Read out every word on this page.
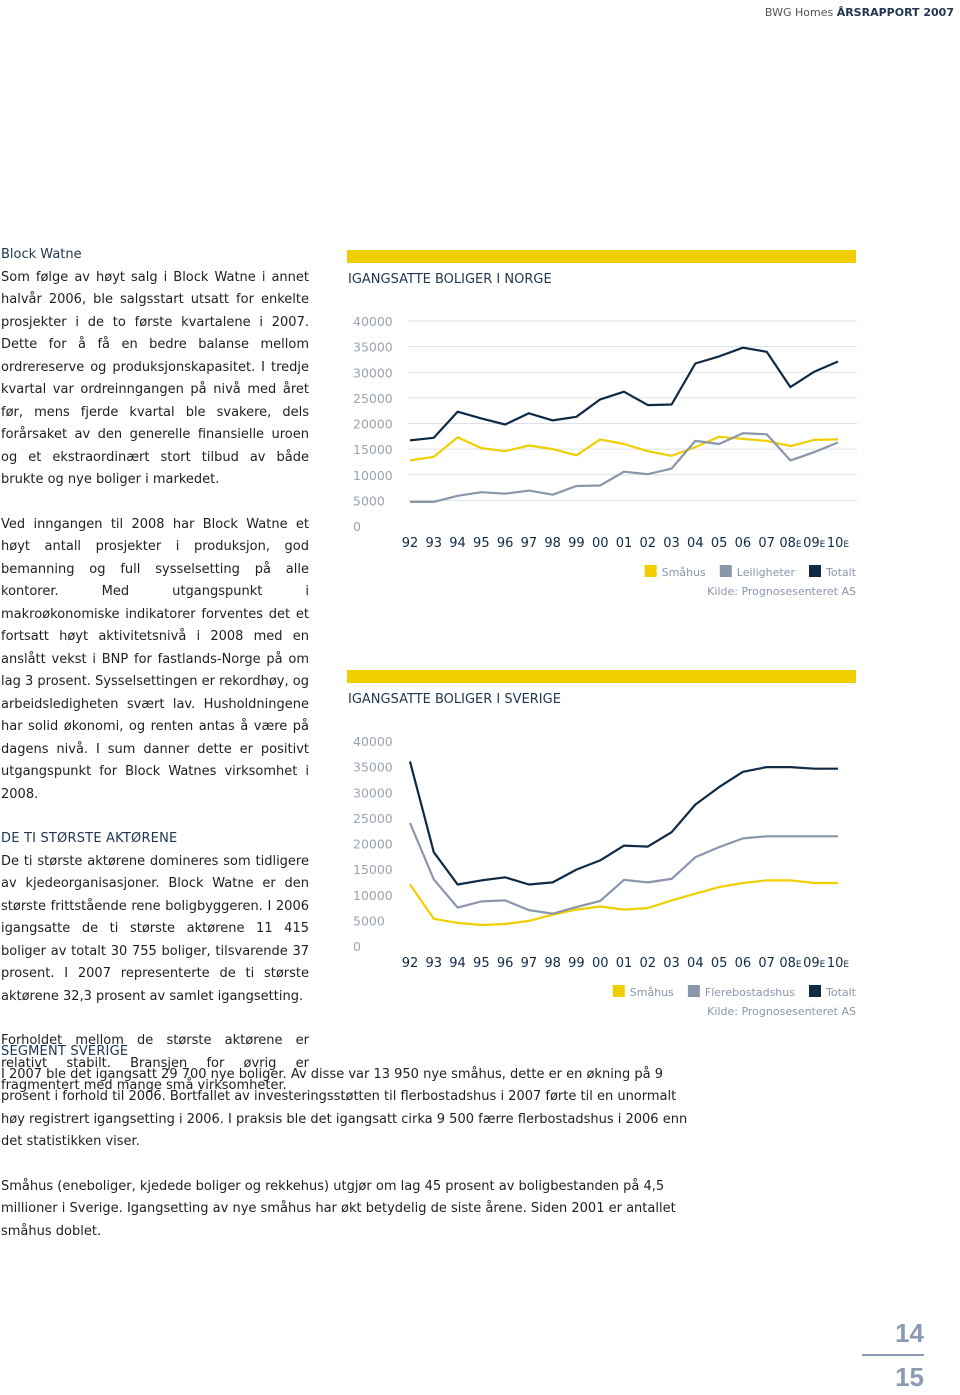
BWG Homes ÅRSRAPPORT 2007

Block Watne
Som følge av høyt salg i Block Watne i annet halvår 2006, ble salgsstart utsatt for enkelte prosjekter i de to første kvartalene i 2007. Dette for å få en bedre balanse mellom ordrereserve og produksjonskapasitet. I tredje kvartal var ordreinngangen på nivå med året før, mens fjerde kvartal ble svakere, dels forårsaket av den generelle finansielle uroen og et ekstraordinært stort tilbud av både brukte og nye boliger i markedet.

Ved inngangen til 2008 har Block Watne et høyt antall prosjekter i produksjon, god bemanning og full sysselsetting på alle kontorer. Med utgangspunkt i makroøkonomiske indikatorer forventes det et fortsatt høyt aktivitetsnivå i 2008 med en anslått vekst i BNP for fastlands-Norge på om lag 3 prosent. Sysselsettingen er rekordhøy, og arbeidsledigheten svært lav. Husholdningene har solid økonomi, og renten antas å være på dagens nivå. I sum danner dette er positivt utgangspunkt for Block Watnes virksomhet i 2008.

DE TI STØRSTE AKTØRENE
De ti største aktørene domineres som tidligere av kjedeorganisasjoner. Block Watne er den største frittstående rene boligbyggeren. I 2006 igangsatte de ti største aktørene 11 415 boliger av totalt 30 755 boliger, tilsvarende 37 prosent. I 2007 representerte de ti største aktørene 32,3 prosent av samlet igangsetting.

Forholdet mellom de største aktørene er relativt stabilt. Bransjen for øvrig er fragmentert med mange små virksomheter.

IGANGSATTE BOLIGER I NORGE
0
5000
10000
15000
20000
25000
30000
35000
40000
92 93 94 95 96 97 98 99 00 01 02 03 04 05 06 07 08E 09E 10E
Totalt
Leiligheter
Småhus
Kilde: Prognosesenteret AS
IGANGSATTE BOLIGER I SVERIGE
0
5000
10000
15000
20000
25000
30000
35000
40000
92 93 94 95 96 97 98 99 00 01 02 03 04 05 06 07 08E 09E 10E
Totalt
Flerebostadshus
Småhus
Kilde: Prognosesenteret AS

SEGMENT SVERIGE
I 2007 ble det igangsatt 29 700 nye boliger. Av disse var 13 950 nye småhus, dette er en økning på 9 prosent i forhold til 2006. Bortfallet av investeringsstøtten til flerbostadshus i 2007 førte til en unormalt høy registrert igangsetting i 2006. I praksis ble det igangsatt cirka 9 500 færre flerbostadshus i 2006 enn det statistikken viser.

Småhus (eneboliger, kjedede boliger og rekkehus) utgjør om lag 45 prosent av boligbestanden på 4,5 millioner i Sverige. Igangsetting av nye småhus har økt betydelig de siste årene. Siden 2001 er antallet småhus doblet.

14
15
